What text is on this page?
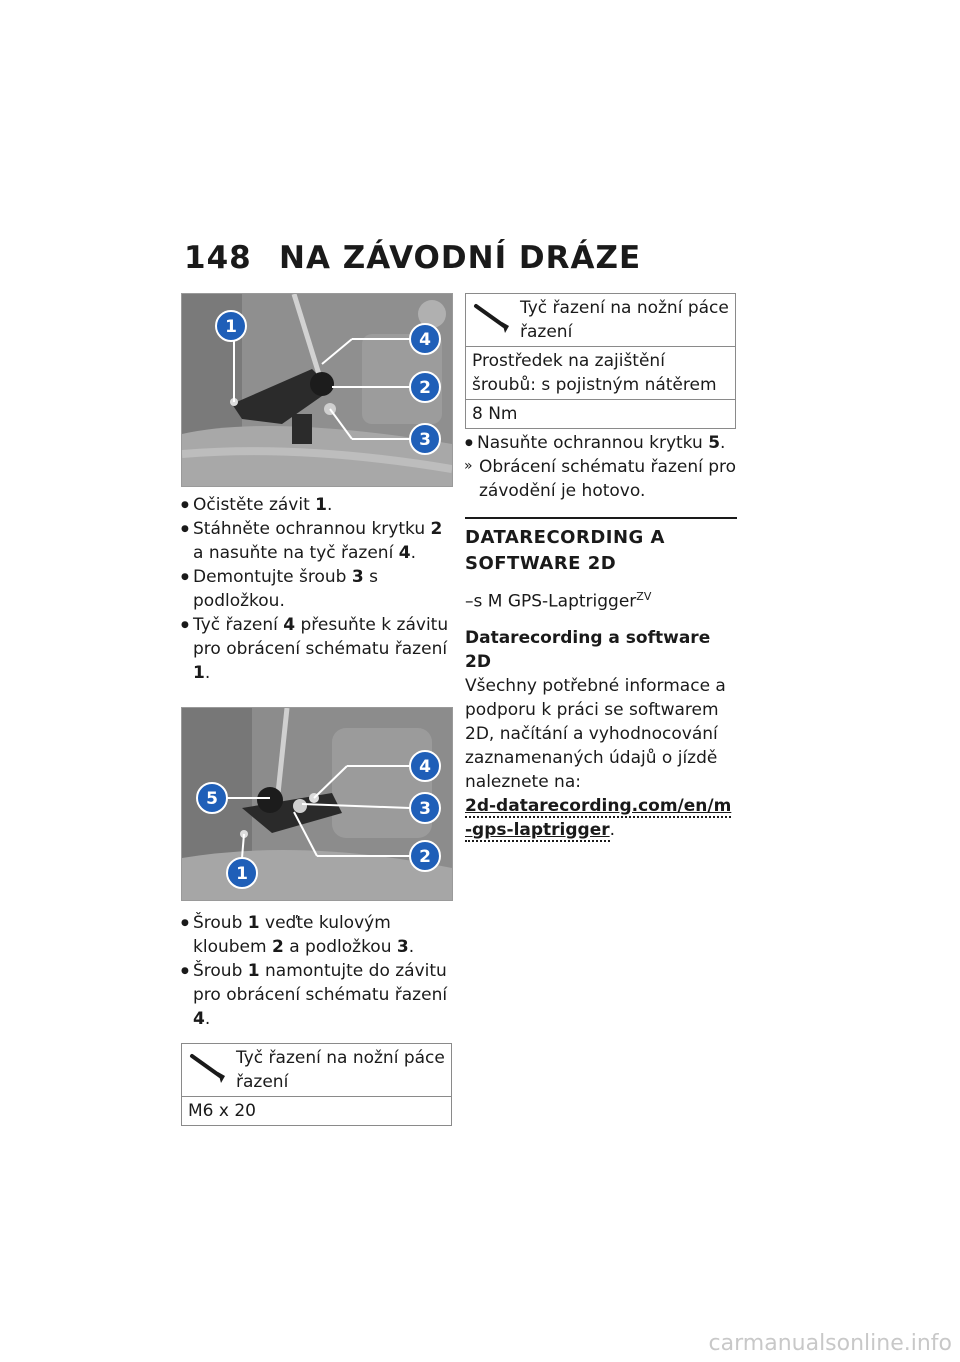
148 NA ZÁVODNÍ DRÁZE
1
4
2
3
● Očistěte závit 1.
● Stáhněte ochrannou krytku 2 a nasuňte na tyč řazení 4.
● Demontujte šroub 3 s podložkou.
● Tyč řazení 4 přesuňte k závitu pro obrácení schématu řazení 1.
4
5	3
2
1
● Šroub 1 veďte kulovým kloubem 2 a podložkou 3.
● Šroub 1 namontujte do závitu pro obrácení schématu řazení 4.
Tyč řazení na nožní páce řazení

M6 x 20
Tyč řazení na nožní páce řazení

Prostředek na zajištění šroubů: s pojistným nátěrem
8 Nm
● Nasuňte ochrannou krytku 5.
» Obrácení schématu řazení pro závodění je hotovo.
DATARECORDING A SOFTWARE 2D

–s M GPS-Laptrigger$^{ZV}$

Datarecording a software 2D

Všechny potřebné informace a podporu k práci se softwarem 2D, načítání a vyhodnocování zaznamenaných údajů o jízdě naleznete na:
2d-datarecording.com/en/m-gps-laptrigger.

carmanualsonline.info
